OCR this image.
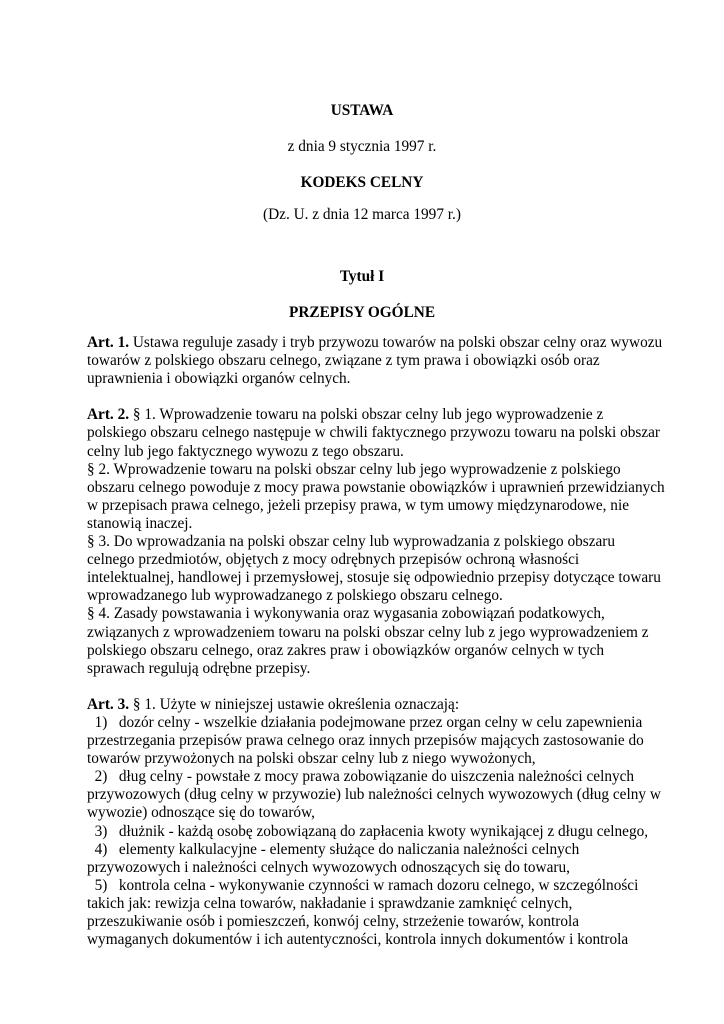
USTAWA
z dnia 9 stycznia 1997 r.
KODEKS CELNY
(Dz. U. z dnia 12 marca 1997 r.)
Tytuł I
PRZEPISY OGÓLNE

Art. 1. Ustawa reguluje zasady i tryb przywozu towarów na polski obszar celny oraz wywozu

towarów z polskiego obszaru celnego, związane z tym prawa i obowiązki osób oraz

uprawnienia i obowiązki organów celnych.

Art. 2. § 1. Wprowadzenie towaru na polski obszar celny lub jego wyprowadzenie z

polskiego obszaru celnego następuje w chwili faktycznego przywozu towaru na polski obszar

celny lub jego faktycznego wywozu z tego obszaru.

§ 2. Wprowadzenie towaru na polski obszar celny lub jego wyprowadzenie z polskiego

obszaru celnego powoduje z mocy prawa powstanie obowiązków i uprawnień przewidzianych

w przepisach prawa celnego, jeżeli przepisy prawa, w tym umowy międzynarodowe, nie

stanowią inaczej.

§ 3. Do wprowadzania na polski obszar celny lub wyprowadzania z polskiego obszaru

celnego przedmiotów, objętych z mocy odrębnych przepisów ochroną własności

intelektualnej, handlowej i przemysłowej, stosuje się odpowiednio przepisy dotyczące towaru

wprowadzanego lub wyprowadzanego z polskiego obszaru celnego.

§ 4. Zasady powstawania i wykonywania oraz wygasania zobowiązań podatkowych,

związanych z wprowadzeniem towaru na polski obszar celny lub z jego wyprowadzeniem z

polskiego obszaru celnego, oraz zakres praw i obowiązków organów celnych w tych

sprawach regulują odrębne przepisy.

Art. 3. § 1. Użyte w niniejszej ustawie określenia oznaczają:

1)   dozór celny - wszelkie działania podejmowane przez organ celny w celu zapewnienia

przestrzegania przepisów prawa celnego oraz innych przepisów mających zastosowanie do

towarów przywożonych na polski obszar celny lub z niego wywożonych,

2)   dług celny - powstałe z mocy prawa zobowiązanie do uiszczenia należności celnych

przywozowych (dług celny w przywozie) lub należności celnych wywozowych (dług celny w

wywozie) odnoszące się do towarów,

3)   dłużnik - każdą osobę zobowiązaną do zapłacenia kwoty wynikającej z długu celnego,

4)   elementy kalkulacyjne - elementy służące do naliczania należności celnych

przywozowych i należności celnych wywozowych odnoszących się do towaru,

5)   kontrola celna - wykonywanie czynności w ramach dozoru celnego, w szczególności

takich jak: rewizja celna towarów, nakładanie i sprawdzanie zamknięć celnych,

przeszukiwanie osób i pomieszczeń, konwój celny, strzeżenie towarów, kontrola

wymaganych dokumentów i ich autentyczności, kontrola innych dokumentów i kontrola
